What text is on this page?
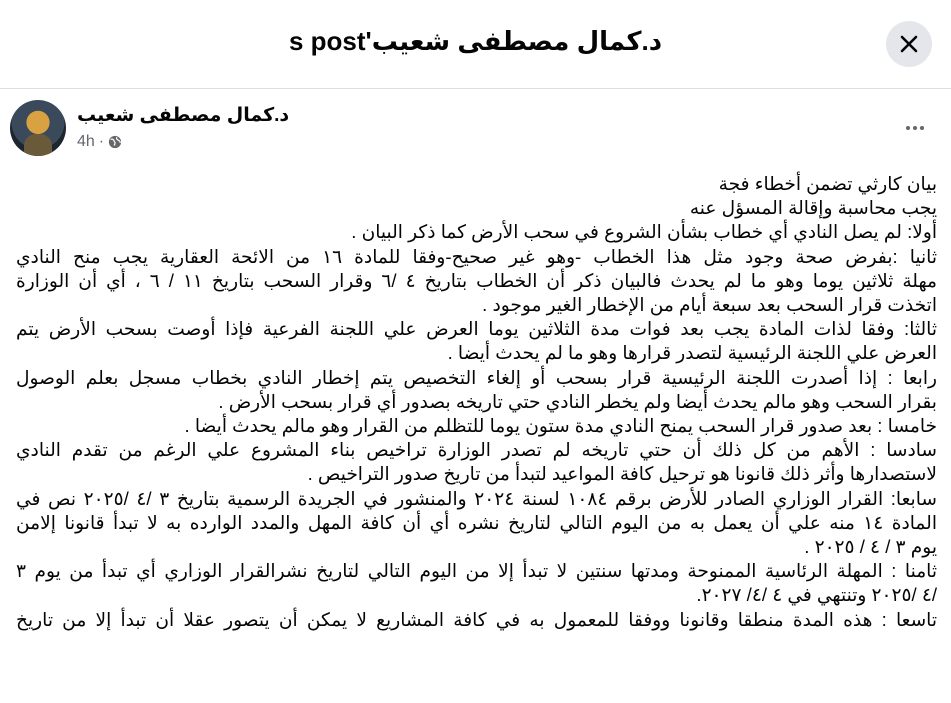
د.كمال مصطفى شعيب's post
د.كمال مصطفى شعيب
4h ·
بيان كارثي تضمن أخطاء فجة
يجب محاسبة وإقالة المسؤل عنه
أولا: لم يصل النادي أي خطاب بشأن الشروع في سحب الأرض كما ذكر البيان .
ثانيا :بفرض صحة وجود مثل هذا الخطاب -وهو غير صحيح-وفقا للمادة ١٦ من الائحة العقارية يجب منح النادي
مهلة ثلاثين يوما وهو ما لم يحدث فالبيان ذكر أن الخطاب بتاريخ ٤ /٦ وقرار السحب بتاريخ ١١ / ٦ ، أي أن الوزارة
اتخذت قرار السحب بعد سبعة أيام من الإخطار الغير موجود .
ثالثا: وفقا لذات المادة يجب بعد فوات مدة الثلاثين يوما العرض علي اللجنة الفرعية فإذا أوصت بسحب الأرض يتم
العرض علي اللجنة الرئيسية لتصدر قرارها وهو ما لم يحدث أيضا .
رابعا : إذا أصدرت اللجنة الرئيسية قرار بسحب أو إلغاء التخصيص يتم إخطار النادي بخطاب مسجل بعلم الوصول
بقرار السحب وهو مالم يحدث أيضا ولم يخطر النادي حتي تاريخه بصدور أي قرار بسحب الأرض .
خامسا : بعد صدور قرار السحب يمنح النادي مدة ستون يوما للتظلم من القرار وهو مالم يحدث أيضا .
سادسا : الأهم من كل ذلك أن حتي تاريخه لم تصدر الوزارة تراخيص بناء المشروع علي الرغم من تقدم النادي
لاستصدارها وأثر ذلك قانونا هو ترحيل كافة المواعيد لتبدأ من تاريخ صدور التراخيص .
سابعا: القرار الوزاري الصادر للأرض برقم ١٠٨٤ لسنة ٢٠٢٤ والمنشور في الجريدة الرسمية بتاريخ ٣ /٤ /٢٠٢٥ نص في
المادة ١٤ منه علي أن يعمل به من اليوم التالي لتاريخ نشره أي أن كافة المهل والمدد الوارده به لا تبدأ قانونا إلامن
يوم ٣ / ٤ / ٢٠٢٥ .
ثامنا : المهلة الرئاسية الممنوحة ومدتها سنتين لا تبدأ إلا من اليوم التالي لتاريخ نشرالقرار الوزاري أي تبدأ من يوم ٣
/٤ /٢٠٢٥ وتنتهي في ٤ /٤/ ٢٠٢٧.
تاسعا : هذه المدة منطقا وقانونا ووفقا للمعمول به في كافة المشاريع لا يمكن أن يتصور عقلا أن تبدأ إلا من تاريخ
